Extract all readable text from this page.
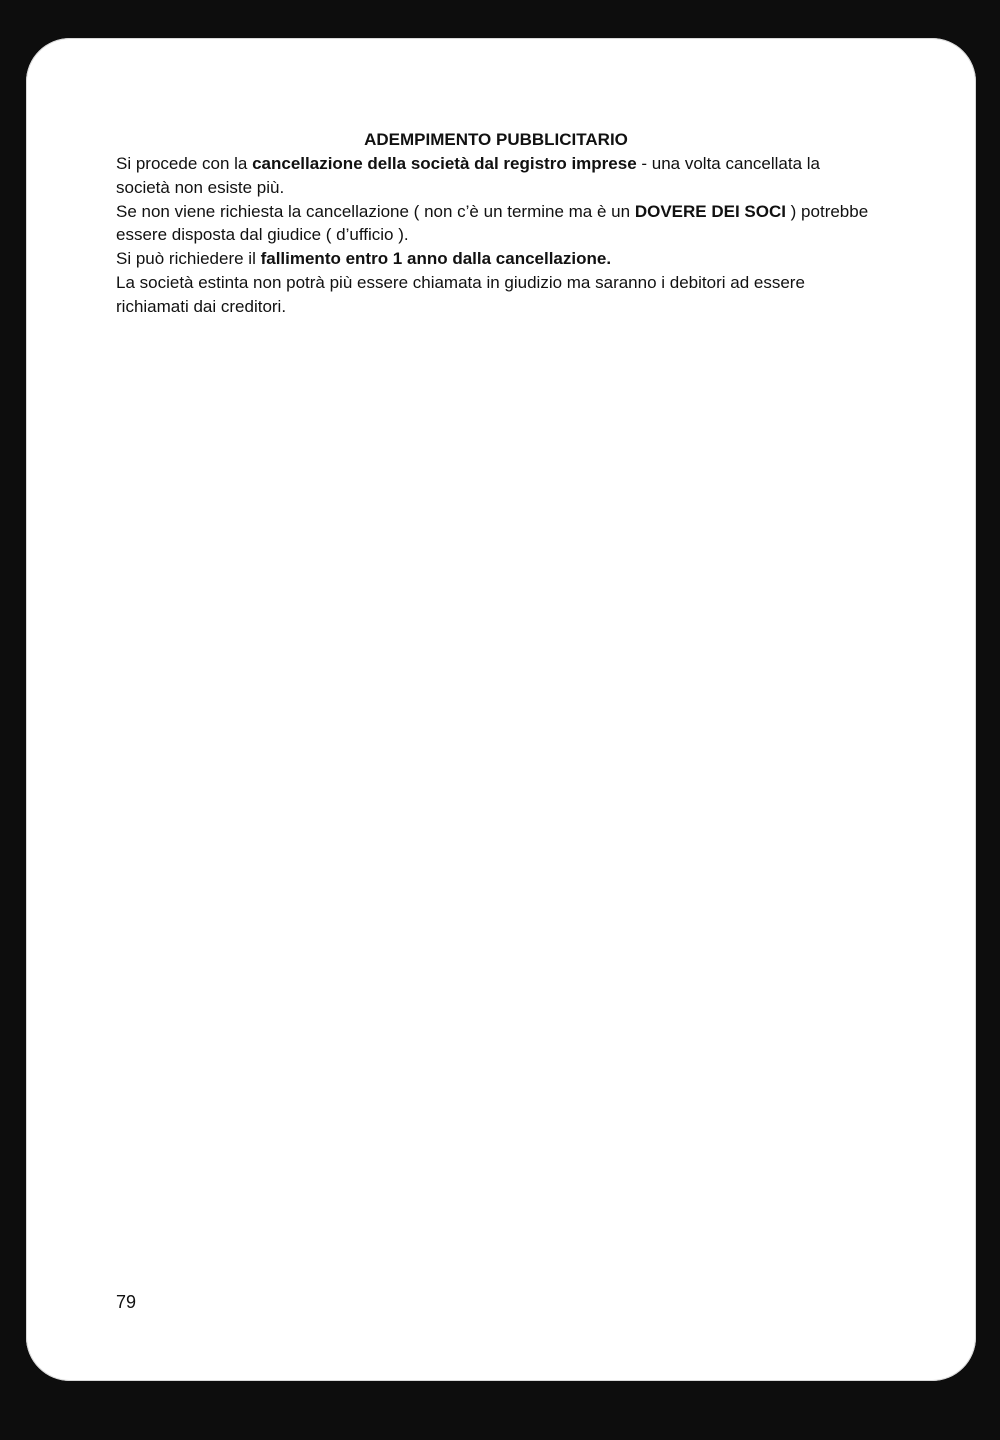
ADEMPIMENTO PUBBLICITARIO

Si procede con la cancellazione della società dal registro imprese - una volta cancellata la società non esiste più.

Se non viene richiesta la cancellazione ( non c’è un termine ma è un DOVERE DEI SOCI ) potrebbe essere disposta dal giudice ( d’ufficio ).

Si può richiedere il fallimento entro 1 anno dalla cancellazione.

La società estinta non potrà più essere chiamata in giudizio ma saranno i debitori ad essere richiamati dai creditori.

79
